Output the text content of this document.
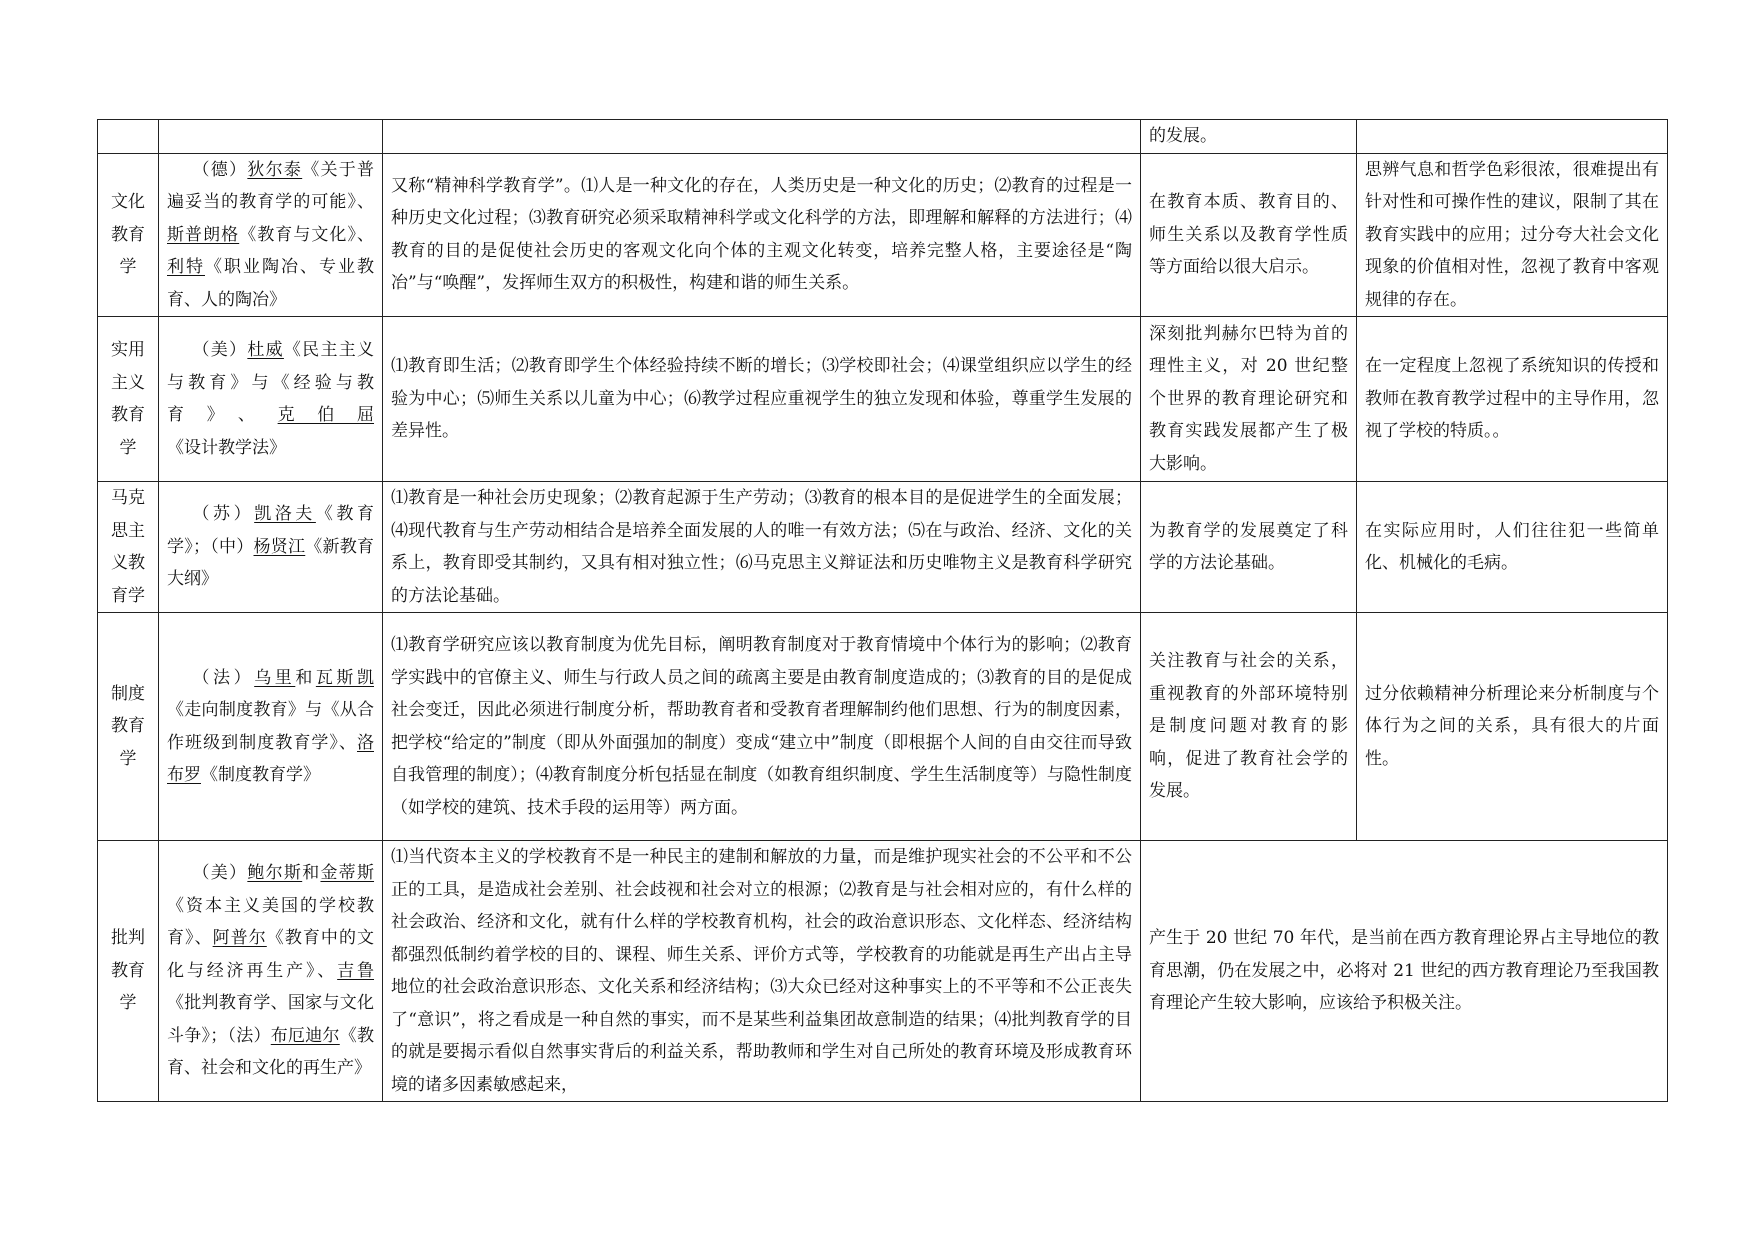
			的发展。	

文化教育学	（德）狄尔泰《关于普遍妥当的教育学的可能》、斯普朗格《教育与文化》、利特《职业陶冶、专业教育、人的陶冶》	又称“精神科学教育学”。⑴人是一种文化的存在，人类历史是一种文化的历史；⑵教育的过程是一种历史文化过程；⑶教育研究必须采取精神科学或文化科学的方法，即理解和解释的方法进行；⑷教育的目的是促使社会历史的客观文化向个体的主观文化转变，培养完整人格，主要途径是“陶冶”与“唤醒”，发挥师生双方的积极性，构建和谐的师生关系。	在教育本质、教育目的、师生关系以及教育学性质等方面给以很大启示。	思辨气息和哲学色彩很浓，很难提出有针对性和可操作性的建议，限制了其在教育实践中的应用；过分夸大社会文化现象的价值相对性，忽视了教育中客观规律的存在。

实用主义教育学	（美）杜威《民主主义与教育》与《经验与教育》、克伯屈《设计教学法》	⑴教育即生活；⑵教育即学生个体经验持续不断的增长；⑶学校即社会；⑷课堂组织应以学生的经验为中心；⑸师生关系以儿童为中心；⑹教学过程应重视学生的独立发现和体验，尊重学生发展的差异性。	深刻批判赫尔巴特为首的理性主义，对 20 世纪整个世界的教育理论研究和教育实践发展都产生了极大影响。	在一定程度上忽视了系统知识的传授和教师在教育教学过程中的主导作用，忽视了学校的特质。。

马克思主义教育学	（苏）凯洛夫《教育学》；（中）杨贤江《新教育大纲》	⑴教育是一种社会历史现象；⑵教育起源于生产劳动；⑶教育的根本目的是促进学生的全面发展；⑷现代教育与生产劳动相结合是培养全面发展的人的唯一有效方法；⑸在与政治、经济、文化的关系上，教育即受其制约，又具有相对独立性；⑹马克思主义辩证法和历史唯物主义是教育科学研究的方法论基础。	为教育学的发展奠定了科学的方法论基础。	在实际应用时，人们往往犯一些简单化、机械化的毛病。

制度教育学	（法）乌里和瓦斯凯《走向制度教育》与《从合作班级到制度教育学》、洛布罗《制度教育学》	⑴教育学研究应该以教育制度为优先目标，阐明教育制度对于教育情境中个体行为的影响；⑵教育学实践中的官僚主义、师生与行政人员之间的疏离主要是由教育制度造成的；⑶教育的目的是促成社会变迁，因此必须进行制度分析，帮助教育者和受教育者理解制约他们思想、行为的制度因素，把学校“给定的”制度（即从外面强加的制度）变成“建立中”制度（即根据个人间的自由交往而导致自我管理的制度）；⑷教育制度分析包括显在制度（如教育组织制度、学生生活制度等）与隐性制度（如学校的建筑、技术手段的运用等）两方面。	关注教育与社会的关系，重视教育的外部环境特别是制度问题对教育的影响，促进了教育社会学的发展。	过分依赖精神分析理论来分析制度与个体行为之间的关系，具有很大的片面性。

批判教育学	（美）鲍尔斯和金蒂斯《资本主义美国的学校教育》、阿普尔《教育中的文化与经济再生产》、吉鲁《批判教育学、国家与文化斗争》；（法）布厄迪尔《教育、社会和文化的再生产》	⑴当代资本主义的学校教育不是一种民主的建制和解放的力量，而是维护现实社会的不公平和不公正的工具，是造成社会差别、社会歧视和社会对立的根源；⑵教育是与社会相对应的，有什么样的社会政治、经济和文化，就有什么样的学校教育机构，社会的政治意识形态、文化样态、经济结构都强烈低制约着学校的目的、课程、师生关系、评价方式等，学校教育的功能就是再生产出占主导地位的社会政治意识形态、文化关系和经济结构；⑶大众已经对这种事实上的不平等和不公正丧失了“意识”，将之看成是一种自然的事实，而不是某些利益集团故意制造的结果；⑷批判教育学的目的就是要揭示看似自然事实背后的利益关系，帮助教师和学生对自己所处的教育环境及形成教育环境的诸多因素敏感起来，	产生于 20 世纪 70 年代，是当前在西方教育理论界占主导地位的教育思潮，仍在发展之中，必将对 21 世纪的西方教育理论乃至我国教育理论产生较大影响，应该给予积极关注。	
